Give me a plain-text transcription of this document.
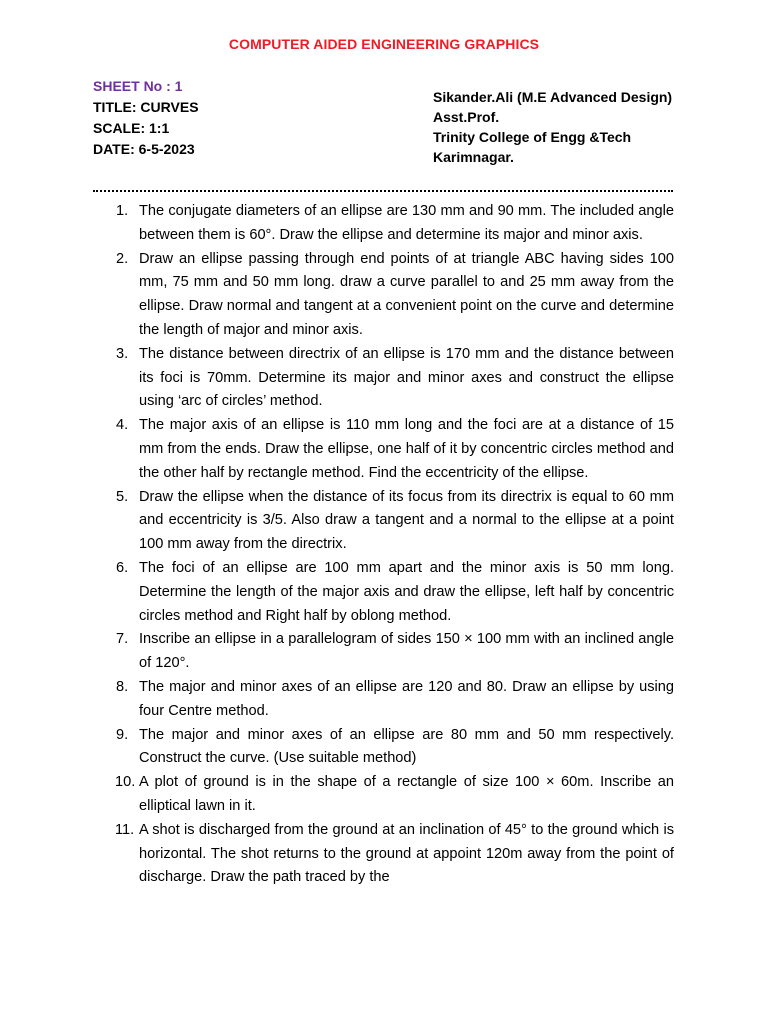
COMPUTER AIDED ENGINEERING GRAPHICS
SHEET No : 1
TITLE: CURVES
SCALE: 1:1
DATE: 6-5-2023
Sikander.Ali (M.E Advanced Design)
Asst.Prof.
Trinity College of Engg &Tech
Karimnagar.
1. The conjugate diameters of an ellipse are 130 mm and 90 mm. The included angle between them is 60°. Draw the ellipse and determine its major and minor axis.
2. Draw an ellipse passing through end points of at triangle ABC having sides 100 mm, 75 mm and 50 mm long. draw a curve parallel to and 25 mm away from the ellipse. Draw normal and tangent at a convenient point on the curve and determine the length of major and minor axis.
3. The distance between directrix of an ellipse is 170 mm and the distance between its foci is 70mm. Determine its major and minor axes and construct the ellipse using ‘arc of circles’ method.
4. The major axis of an ellipse is 110 mm long and the foci are at a distance of 15 mm from the ends. Draw the ellipse, one half of it by concentric circles method and the other half by rectangle method. Find the eccentricity of the ellipse.
5. Draw the ellipse when the distance of its focus from its directrix is equal to 60 mm and eccentricity is 3/5. Also draw a tangent and a normal to the ellipse at a point 100 mm away from the directrix.
6. The foci of an ellipse are 100 mm apart and the minor axis is 50 mm long. Determine the length of the major axis and draw the ellipse, left half by concentric circles method and Right half by oblong method.
7. Inscribe an ellipse in a parallelogram of sides 150 × 100 mm with an inclined angle of 120°.
8. The major and minor axes of an ellipse are 120 and 80. Draw an ellipse by using four Centre method.
9. The major and minor axes of an ellipse are 80 mm and 50 mm respectively. Construct the curve. (Use suitable method)
10. A plot of ground is in the shape of a rectangle of size 100 × 60m. Inscribe an elliptical lawn in it.
11. A shot is discharged from the ground at an inclination of 45° to the ground which is horizontal. The shot returns to the ground at appoint 120m away from the point of discharge. Draw the path traced by the
